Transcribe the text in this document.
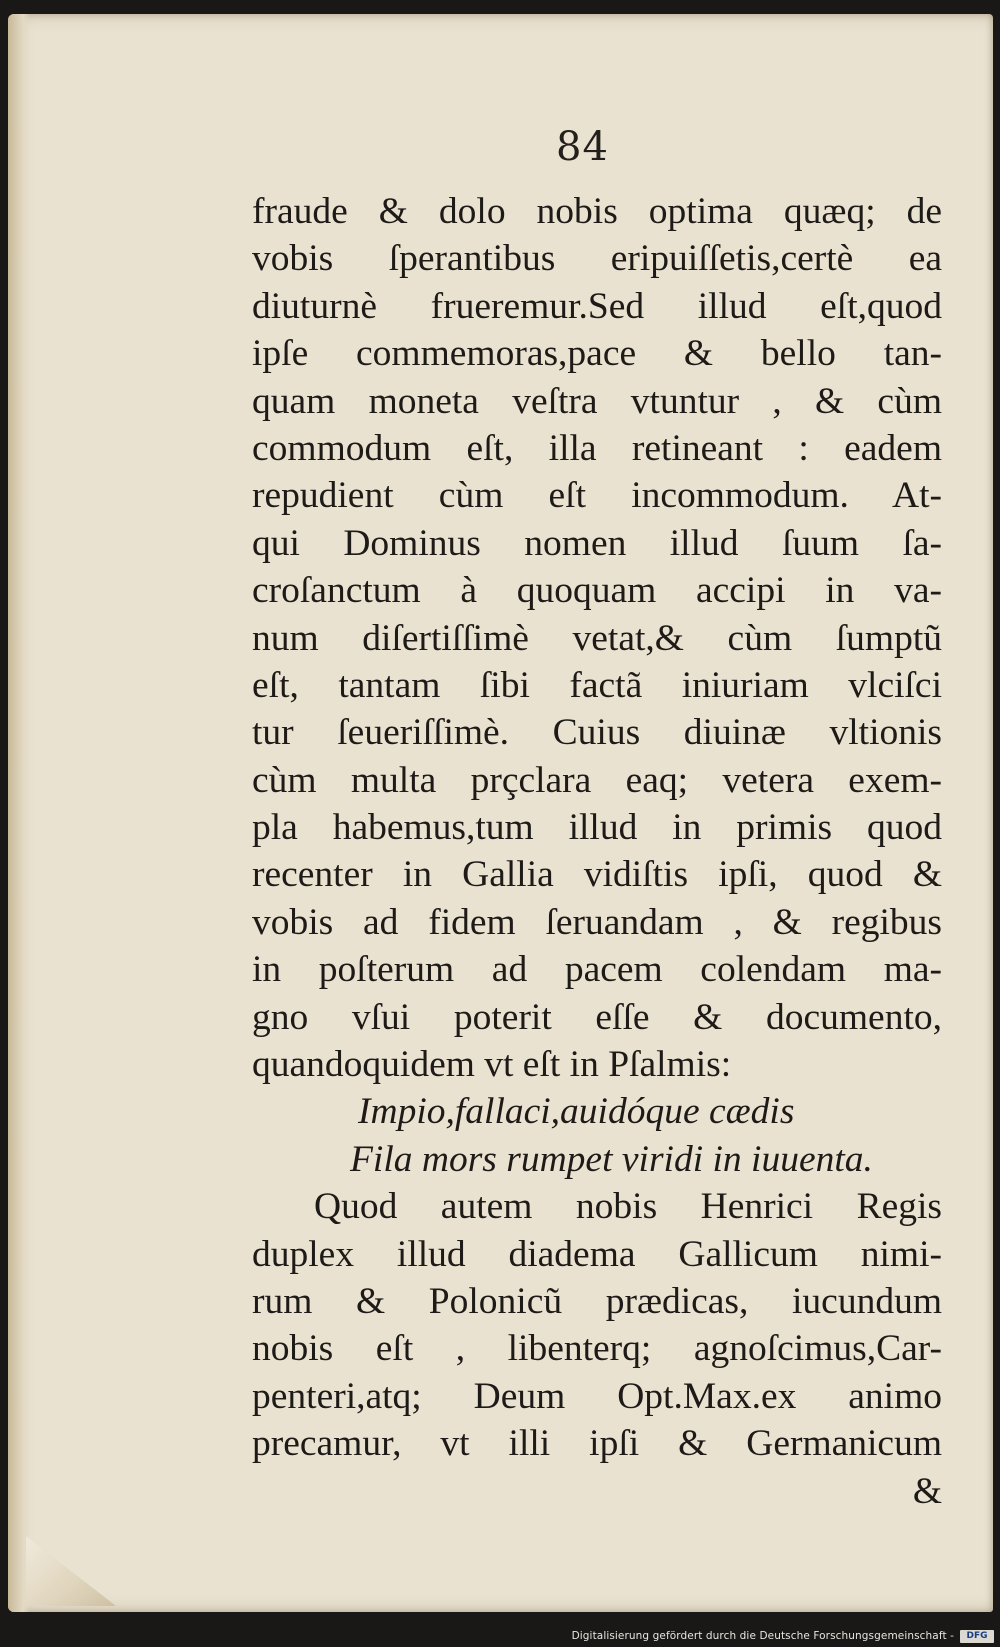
84
fraude & dolo nobis optima quæq; de
vobis ſperantibus eripuiſſetis,certè ea
diuturnè frueremur.Sed illud eſt,quod
ipſe commemoras,pace & bello tan-
quam moneta veſtra vtuntur , & cùm
commodum eſt, illa retineant : eadem
repudient cùm eſt incommodum. At-
qui Dominus nomen illud ſuum ſa-
croſanctum à quoquam accipi in va-
num diſertiſſimè vetat,& cùm ſumptũ
eſt, tantam ſibi factã iniuriam vlciſci
tur ſeueriſſimè. Cuius diuinæ vltionis
cùm multa prçclara eaq; vetera exem-
pla habemus,tum illud in primis quod
recenter in Gallia vidiſtis ipſi, quod &
vobis ad fidem ſeruandam , & regibus
in poſterum ad pacem colendam ma-
gno vſui poterit eſſe & documento,
quandoquidem vt eſt in Pſalmis:
Impio,fallaci,auidóque cædis
Fila mors rumpet viridi in iuuenta.
Quod autem nobis Henrici Regis
duplex illud diadema Gallicum nimi-
rum & Polonicũ prædicas, iucundum
nobis eſt , libenterq; agnoſcimus,Car-
penteri,atq; Deum Opt.Max.ex animo
precamur, vt illi ipſi & Germanicum
&
Digitalisierung gefördert durch die Deutsche Forschungsgemeinschaft -	DFG
